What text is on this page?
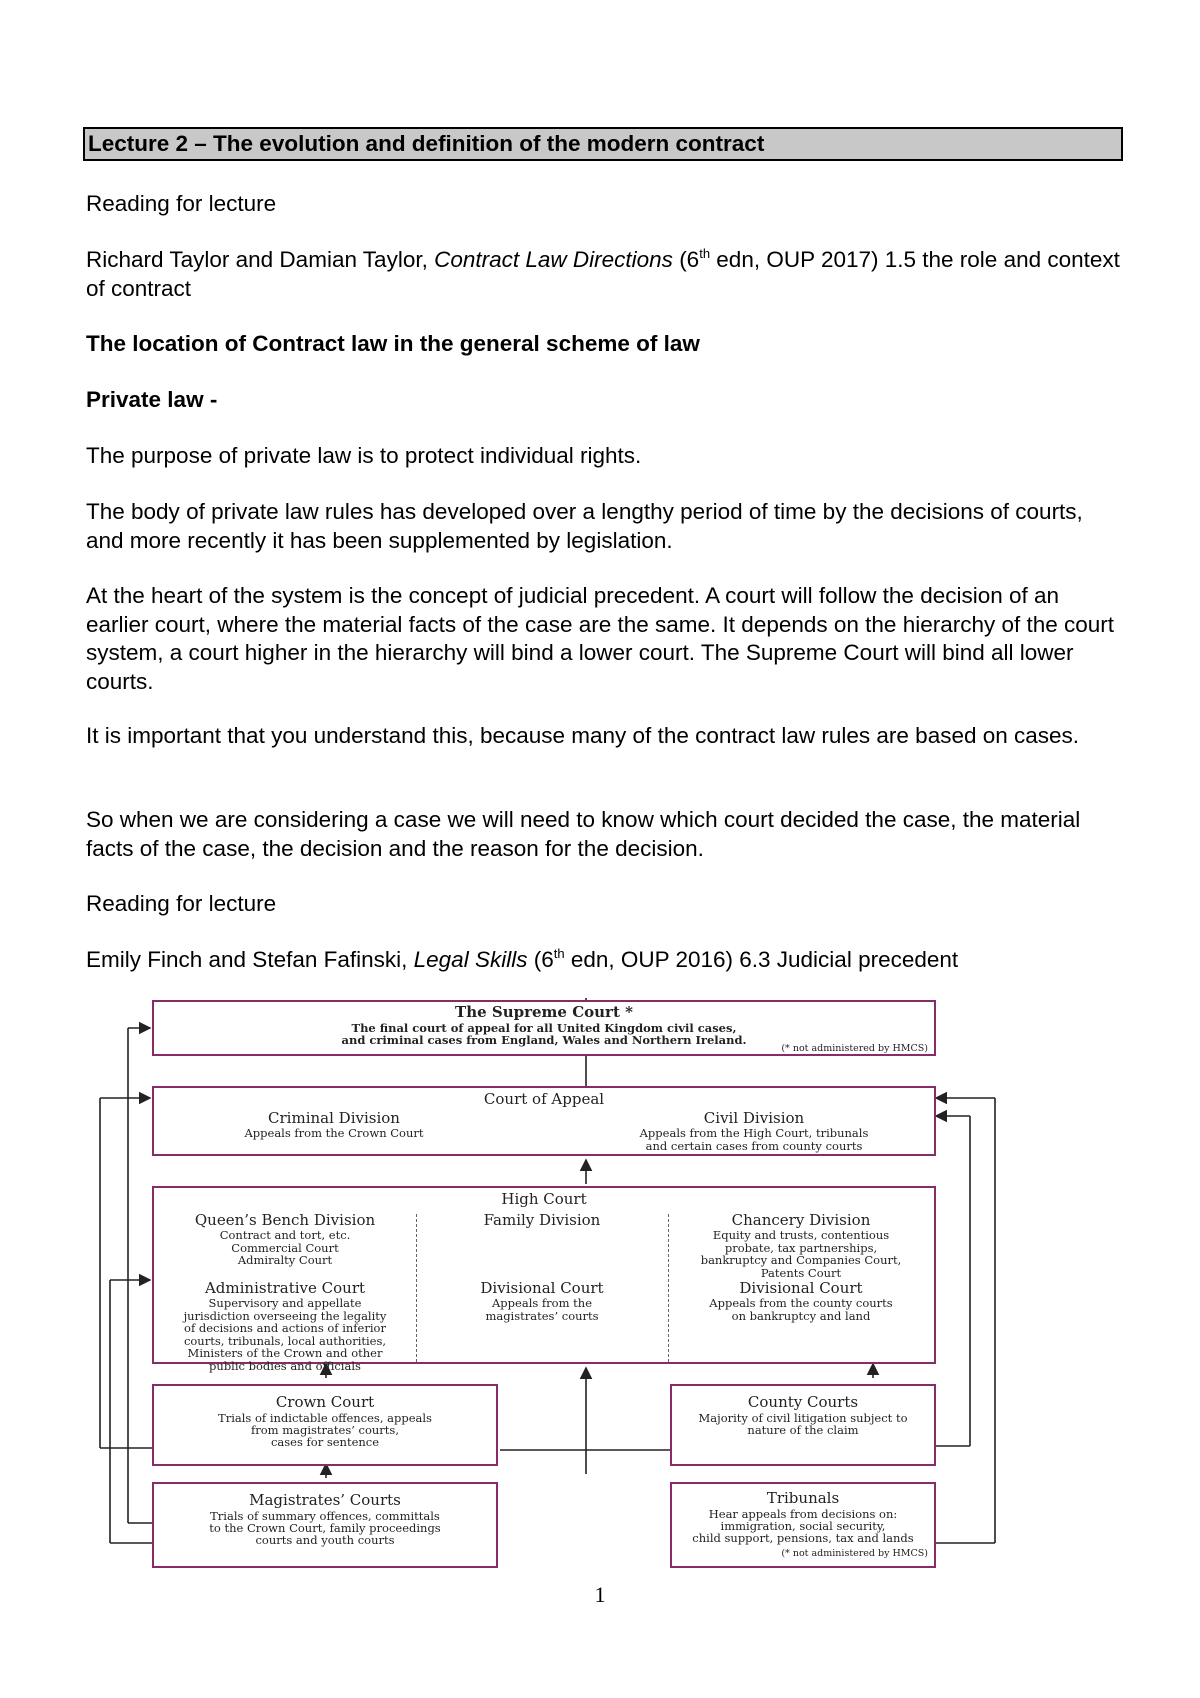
Lecture 2 – The evolution and definition of the modern contract

Reading for lecture

Richard Taylor and Damian Taylor, Contract Law Directions (6th edn, OUP 2017) 1.5 the role and context of contract

The location of Contract law in the general scheme of law

Private law -

The purpose of private law is to protect individual rights.

The body of private law rules has developed over a lengthy period of time by the decisions of courts, and more recently it has been supplemented by legislation.

At the heart of the system is the concept of judicial precedent. A court will follow the decision of an earlier court, where the material facts of the case are the same. It depends on the hierarchy of the court system, a court higher in the hierarchy will bind a lower court. The Supreme Court will bind all lower courts.

It is important that you understand this, because many of the contract law rules are based on cases.

So when we are considering a case we will need to know which court decided the case, the material facts of the case, the decision and the reason for the decision.

Reading for lecture

Emily Finch and Stefan Fafinski, Legal Skills (6th edn, OUP 2016) 6.3 Judicial precedent

The Supreme Court *
The final court of appeal for all United Kingdom civil cases,
and criminal cases from England, Wales and Northern Ireland.
(* not administered by HMCS)
Court of Appeal
Criminal Division
Appeals from the Crown Court
Civil Division
Appeals from the High Court, tribunals
and certain cases from county courts
High Court
Queen’s Bench Division
Contract and tort, etc.
Commercial Court
Admiralty Court
Administrative Court
Supervisory and appellate
jurisdiction overseeing the legality
of decisions and actions of inferior
courts, tribunals, local authorities,
Ministers of the Crown and other
public bodies and officials
Family Division
Divisional Court
Appeals from the
magistrates’ courts
Chancery Division
Equity and trusts, contentious
probate, tax partnerships,
bankruptcy and Companies Court,
Patents Court
Divisional Court
Appeals from the county courts
on bankruptcy and land
Crown Court
Trials of indictable offences, appeals
from magistrates’ courts,
cases for sentence
County Courts
Majority of civil litigation subject to
nature of the claim
Magistrates’ Courts
Trials of summary offences, committals
to the Crown Court, family proceedings
courts and youth courts
Tribunals
Hear appeals from decisions on:
immigration, social security,
child support, pensions, tax and lands
(* not administered by HMCS)
1
